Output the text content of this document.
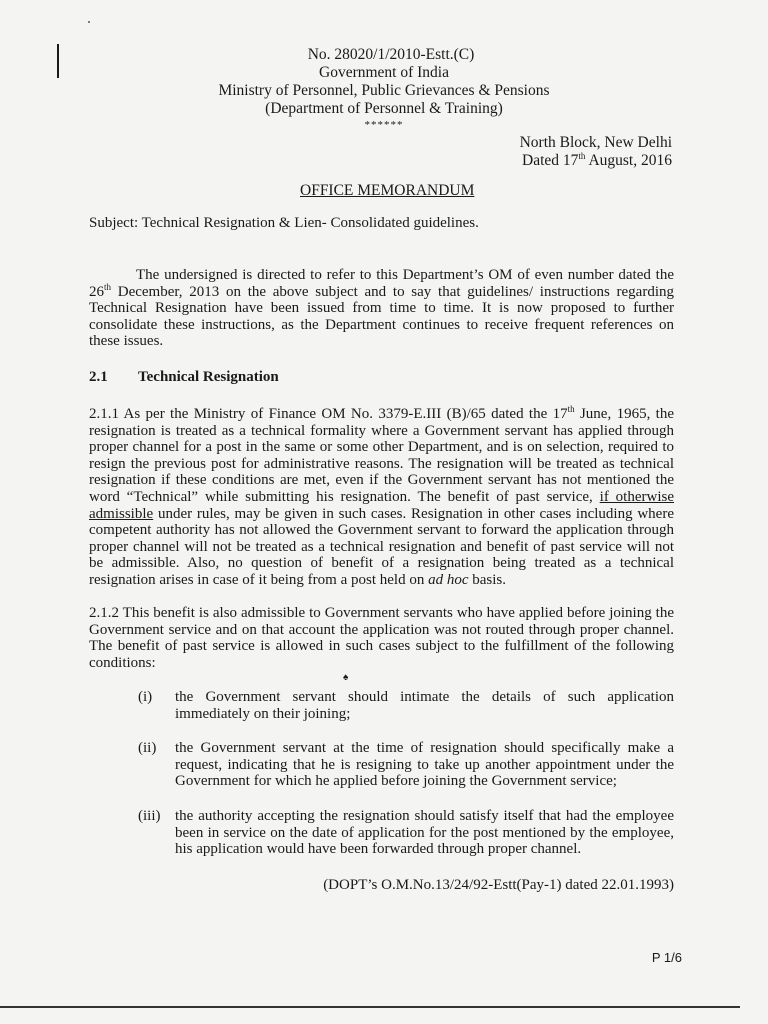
No. 28020/1/2010-Estt.(C)
Government of India
Ministry of Personnel, Public Grievances & Pensions
(Department of Personnel & Training)
******
North Block, New Delhi
Dated 17th August, 2016
OFFICE MEMORANDUM
Subject: Technical Resignation & Lien- Consolidated guidelines.
The undersigned is directed to refer to this Department’s OM of even number dated the 26th December, 2013 on the above subject and to say that guidelines/ instructions regarding Technical Resignation have been issued from time to time. It is now proposed to further consolidate these instructions, as the Department continues to receive frequent references on these issues.
2.1 Technical Resignation
2.1.1 As per the Ministry of Finance OM No. 3379-E.III (B)/65 dated the 17th June, 1965, the resignation is treated as a technical formality where a Government servant has applied through proper channel for a post in the same or some other Department, and is on selection, required to resign the previous post for administrative reasons. The resignation will be treated as technical resignation if these conditions are met, even if the Government servant has not mentioned the word “Technical” while submitting his resignation. The benefit of past service, if otherwise admissible under rules, may be given in such cases. Resignation in other cases including where competent authority has not allowed the Government servant to forward the application through proper channel will not be treated as a technical resignation and benefit of past service will not be admissible. Also, no question of benefit of a resignation being treated as a technical resignation arises in case of it being from a post held on ad hoc basis.
2.1.2 This benefit is also admissible to Government servants who have applied before joining the Government service and on that account the application was not routed through proper channel. The benefit of past service is allowed in such cases subject to the fulfillment of the following conditions:
♠
(i) the Government servant should intimate the details of such application immediately on their joining;
(ii) the Government servant at the time of resignation should specifically make a request, indicating that he is resigning to take up another appointment under the Government for which he applied before joining the Government service;
(iii) the authority accepting the resignation should satisfy itself that had the employee been in service on the date of application for the post mentioned by the employee, his application would have been forwarded through proper channel.
(DOPT’s O.M.No.13/24/92-Estt(Pay-1) dated 22.01.1993)
P 1/6
